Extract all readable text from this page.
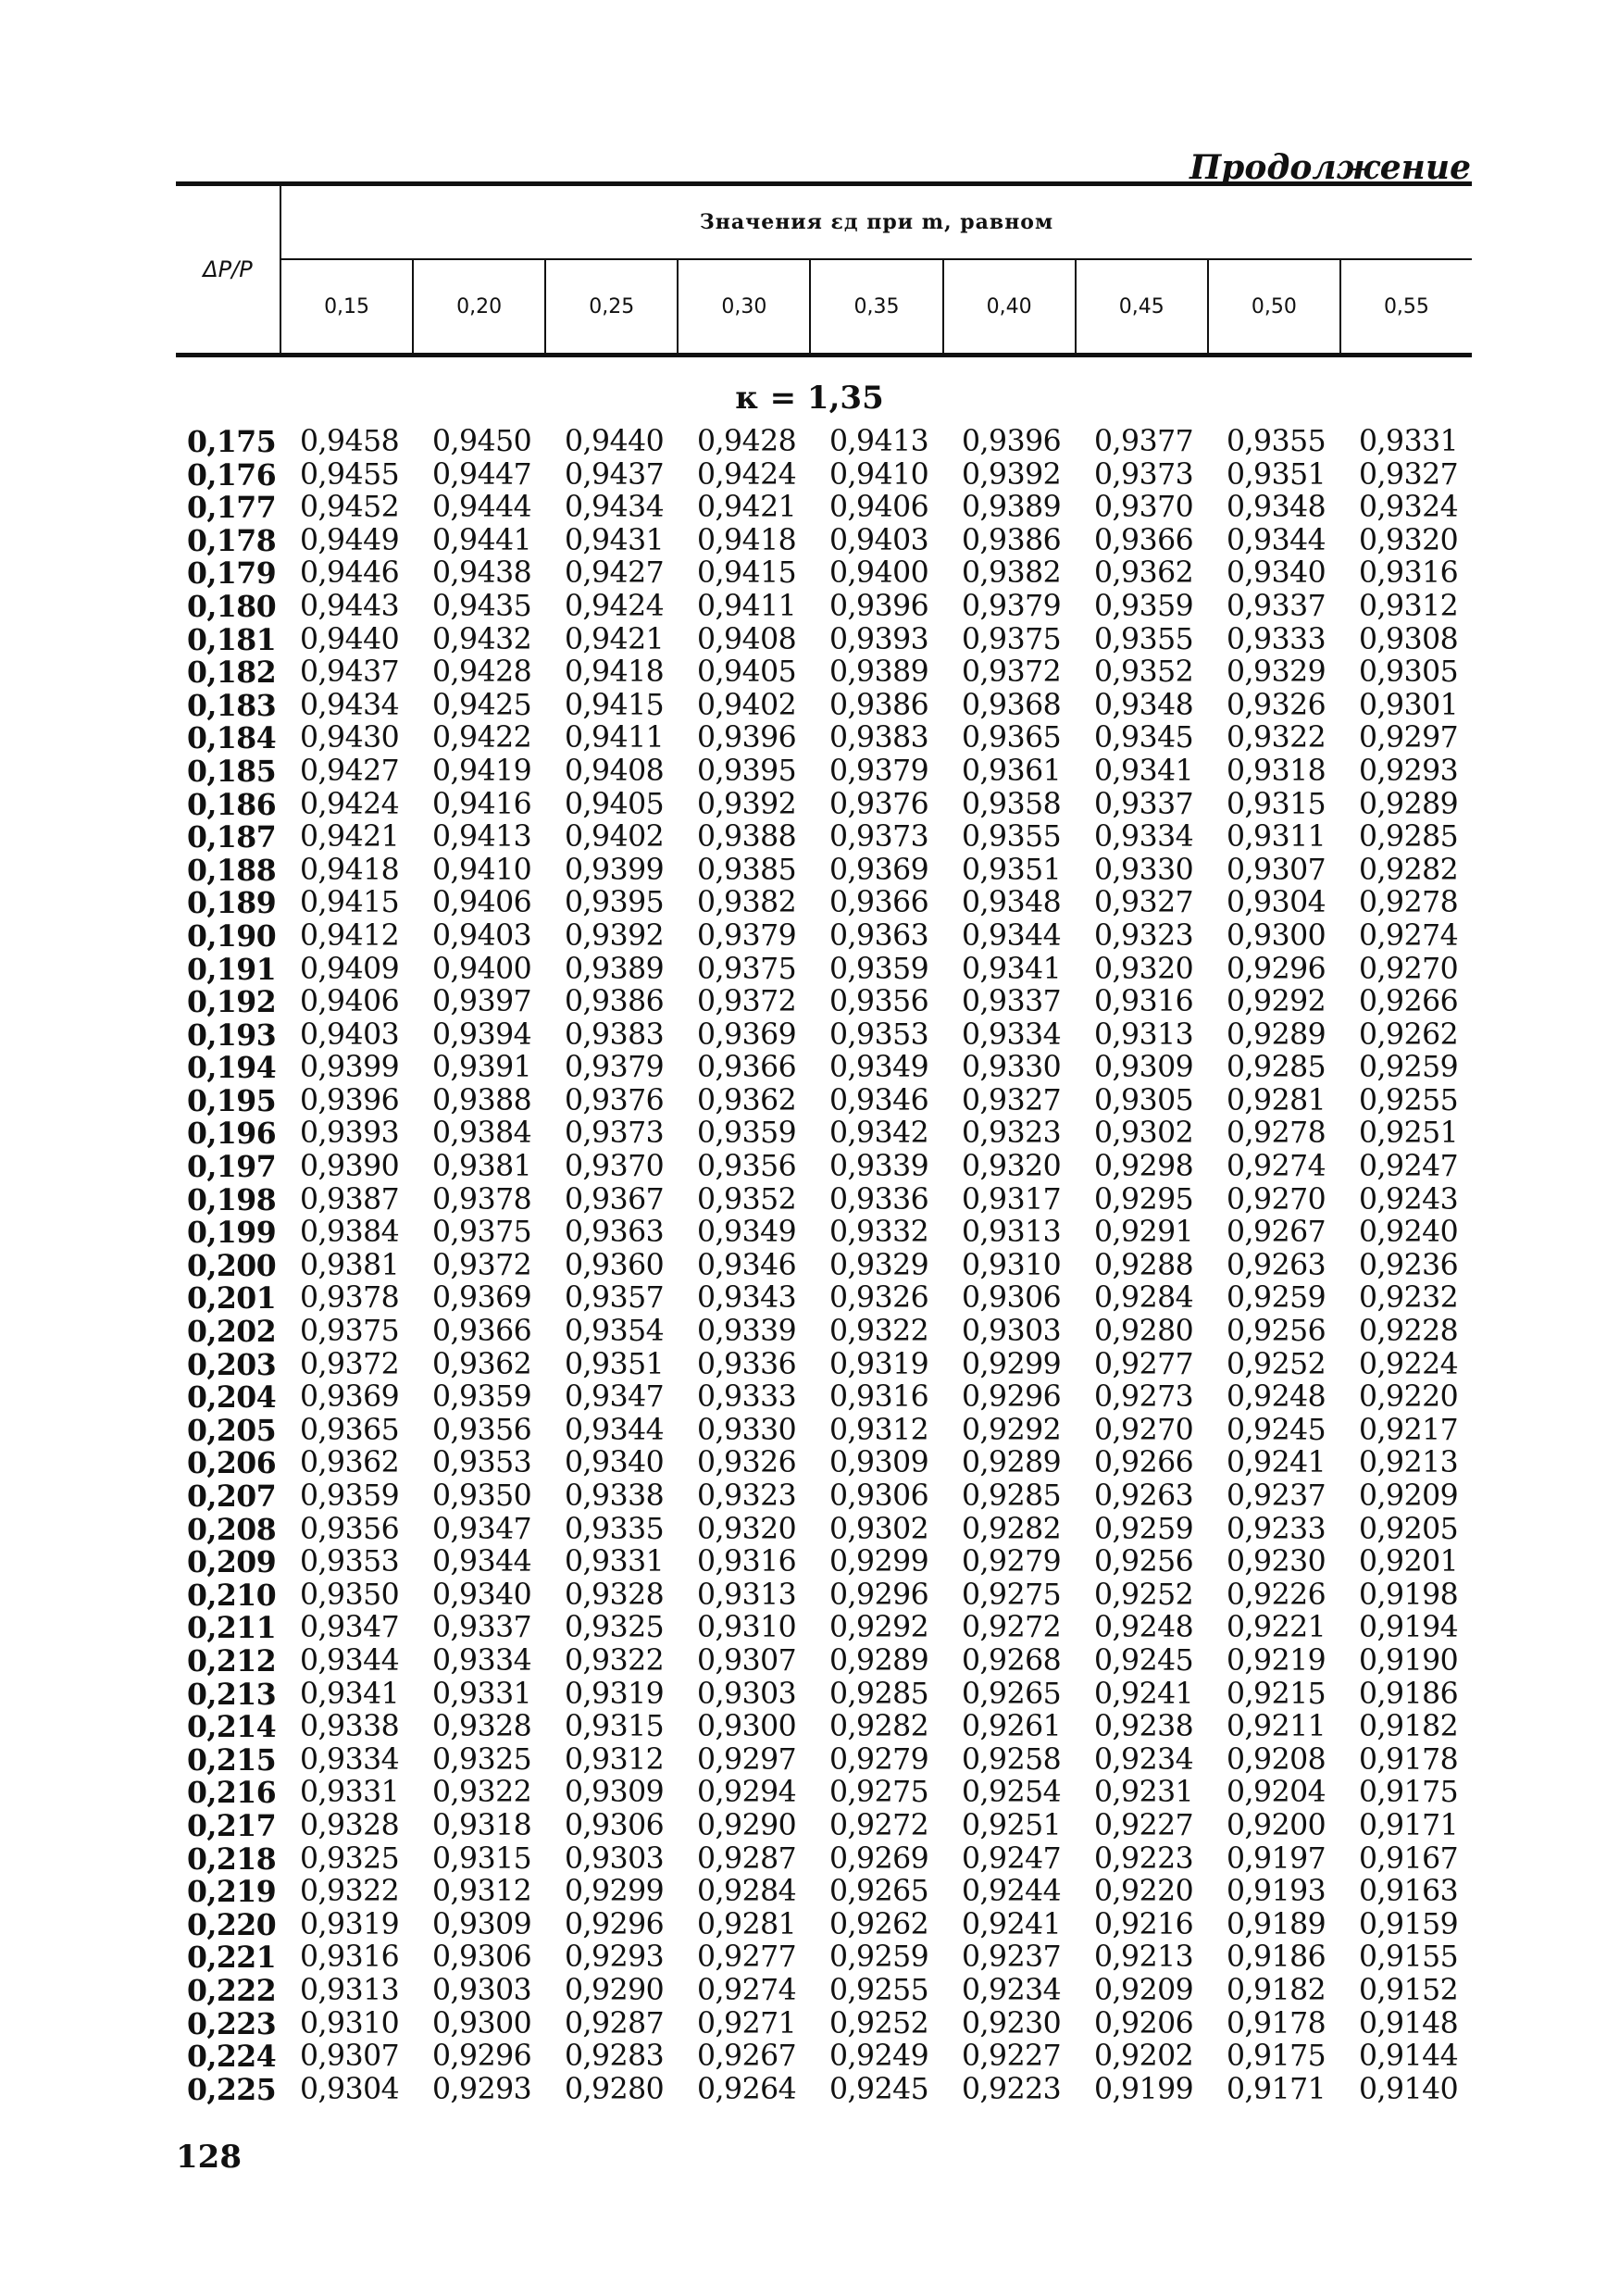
Продолжение
ΔP/P
Значения εд при m, равном
0,15	0,20	0,25	0,30	0,35	0,40	0,45	0,50	0,55
κ = 1,35
0,175	0,9458	0,9450	0,9440	0,9428	0,9413	0,9396	0,9377	0,9355	0,9331
0,176	0,9455	0,9447	0,9437	0,9424	0,9410	0,9392	0,9373	0,9351	0,9327
0,177	0,9452	0,9444	0,9434	0,9421	0,9406	0,9389	0,9370	0,9348	0,9324
0,178	0,9449	0,9441	0,9431	0,9418	0,9403	0,9386	0,9366	0,9344	0,9320
0,179	0,9446	0,9438	0,9427	0,9415	0,9400	0,9382	0,9362	0,9340	0,9316
0,180	0,9443	0,9435	0,9424	0,9411	0,9396	0,9379	0,9359	0,9337	0,9312
0,181	0,9440	0,9432	0,9421	0,9408	0,9393	0,9375	0,9355	0,9333	0,9308
0,182	0,9437	0,9428	0,9418	0,9405	0,9389	0,9372	0,9352	0,9329	0,9305
0,183	0,9434	0,9425	0,9415	0,9402	0,9386	0,9368	0,9348	0,9326	0,9301
0,184	0,9430	0,9422	0,9411	0,9396	0,9383	0,9365	0,9345	0,9322	0,9297
0,185	0,9427	0,9419	0,9408	0,9395	0,9379	0,9361	0,9341	0,9318	0,9293
0,186	0,9424	0,9416	0,9405	0,9392	0,9376	0,9358	0,9337	0,9315	0,9289
0,187	0,9421	0,9413	0,9402	0,9388	0,9373	0,9355	0,9334	0,9311	0,9285
0,188	0,9418	0,9410	0,9399	0,9385	0,9369	0,9351	0,9330	0,9307	0,9282
0,189	0,9415	0,9406	0,9395	0,9382	0,9366	0,9348	0,9327	0,9304	0,9278
0,190	0,9412	0,9403	0,9392	0,9379	0,9363	0,9344	0,9323	0,9300	0,9274
0,191	0,9409	0,9400	0,9389	0,9375	0,9359	0,9341	0,9320	0,9296	0,9270
0,192	0,9406	0,9397	0,9386	0,9372	0,9356	0,9337	0,9316	0,9292	0,9266
0,193	0,9403	0,9394	0,9383	0,9369	0,9353	0,9334	0,9313	0,9289	0,9262
0,194	0,9399	0,9391	0,9379	0,9366	0,9349	0,9330	0,9309	0,9285	0,9259
0,195	0,9396	0,9388	0,9376	0,9362	0,9346	0,9327	0,9305	0,9281	0,9255
0,196	0,9393	0,9384	0,9373	0,9359	0,9342	0,9323	0,9302	0,9278	0,9251
0,197	0,9390	0,9381	0,9370	0,9356	0,9339	0,9320	0,9298	0,9274	0,9247
0,198	0,9387	0,9378	0,9367	0,9352	0,9336	0,9317	0,9295	0,9270	0,9243
0,199	0,9384	0,9375	0,9363	0,9349	0,9332	0,9313	0,9291	0,9267	0,9240
0,200	0,9381	0,9372	0,9360	0,9346	0,9329	0,9310	0,9288	0,9263	0,9236
0,201	0,9378	0,9369	0,9357	0,9343	0,9326	0,9306	0,9284	0,9259	0,9232
0,202	0,9375	0,9366	0,9354	0,9339	0,9322	0,9303	0,9280	0,9256	0,9228
0,203	0,9372	0,9362	0,9351	0,9336	0,9319	0,9299	0,9277	0,9252	0,9224
0,204	0,9369	0,9359	0,9347	0,9333	0,9316	0,9296	0,9273	0,9248	0,9220
0,205	0,9365	0,9356	0,9344	0,9330	0,9312	0,9292	0,9270	0,9245	0,9217
0,206	0,9362	0,9353	0,9340	0,9326	0,9309	0,9289	0,9266	0,9241	0,9213
0,207	0,9359	0,9350	0,9338	0,9323	0,9306	0,9285	0,9263	0,9237	0,9209
0,208	0,9356	0,9347	0,9335	0,9320	0,9302	0,9282	0,9259	0,9233	0,9205
0,209	0,9353	0,9344	0,9331	0,9316	0,9299	0,9279	0,9256	0,9230	0,9201
0,210	0,9350	0,9340	0,9328	0,9313	0,9296	0,9275	0,9252	0,9226	0,9198
0,211	0,9347	0,9337	0,9325	0,9310	0,9292	0,9272	0,9248	0,9221	0,9194
0,212	0,9344	0,9334	0,9322	0,9307	0,9289	0,9268	0,9245	0,9219	0,9190
0,213	0,9341	0,9331	0,9319	0,9303	0,9285	0,9265	0,9241	0,9215	0,9186
0,214	0,9338	0,9328	0,9315	0,9300	0,9282	0,9261	0,9238	0,9211	0,9182
0,215	0,9334	0,9325	0,9312	0,9297	0,9279	0,9258	0,9234	0,9208	0,9178
0,216	0,9331	0,9322	0,9309	0,9294	0,9275	0,9254	0,9231	0,9204	0,9175
0,217	0,9328	0,9318	0,9306	0,9290	0,9272	0,9251	0,9227	0,9200	0,9171
0,218	0,9325	0,9315	0,9303	0,9287	0,9269	0,9247	0,9223	0,9197	0,9167
0,219	0,9322	0,9312	0,9299	0,9284	0,9265	0,9244	0,9220	0,9193	0,9163
0,220	0,9319	0,9309	0,9296	0,9281	0,9262	0,9241	0,9216	0,9189	0,9159
0,221	0,9316	0,9306	0,9293	0,9277	0,9259	0,9237	0,9213	0,9186	0,9155
0,222	0,9313	0,9303	0,9290	0,9274	0,9255	0,9234	0,9209	0,9182	0,9152
0,223	0,9310	0,9300	0,9287	0,9271	0,9252	0,9230	0,9206	0,9178	0,9148
0,224	0,9307	0,9296	0,9283	0,9267	0,9249	0,9227	0,9202	0,9175	0,9144
0,225	0,9304	0,9293	0,9280	0,9264	0,9245	0,9223	0,9199	0,9171	0,9140
128
